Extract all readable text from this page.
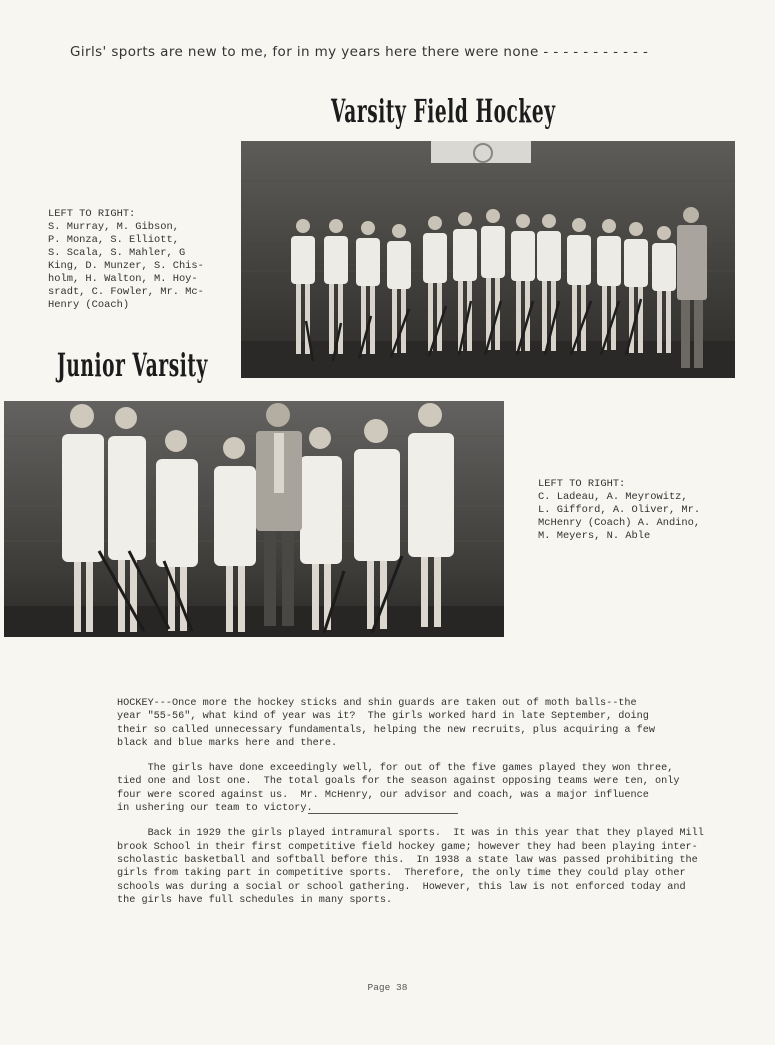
Girls' sports are new to me, for in my years here there were none - - - - - - - - - - -
Varsity Field Hockey
LEFT TO RIGHT:
S. Murray, M. Gibson,
P. Monza, S. Elliott,
S. Scala, S. Mahler, G
King, D. Munzer, S. Chis-
holm, H. Walton, M. Hoy-
sradt, C. Fowler, Mr. Mc-
Henry (Coach)
Junior Varsity
LEFT TO RIGHT:
C. Ladeau, A. Meyrowitz,
L. Gifford, A. Oliver, Mr.
McHenry (Coach) A. Andino,
M. Meyers, N. Able

HOCKEY---Once more the hockey sticks and shin guards are taken out of moth balls--the
year "55-56", what kind of year was it?  The girls worked hard in late September, doing
their so called unnecessary fundamentals, helping the new recruits, plus acquiring a few
black and blue marks here and there.

The girls have done exceedingly well, for out of the five games played they won three,
tied one and lost one.  The total goals for the season against opposing teams were ten, only
four were scored against us.  Mr. McHenry, our advisor and coach, was a major influence
in ushering our team to victory.

Back in 1929 the girls played intramural sports.  It was in this year that they played Mill
brook School in their first competitive field hockey game; however they had been playing inter-
scholastic basketball and softball before this.  In 1938 a state law was passed prohibiting the
girls from taking part in competitive sports.  Therefore, the only time they could play other
schools was during a social or school gathering.  However, this law is not enforced today and
the girls have full schedules in many sports.

Page 38
